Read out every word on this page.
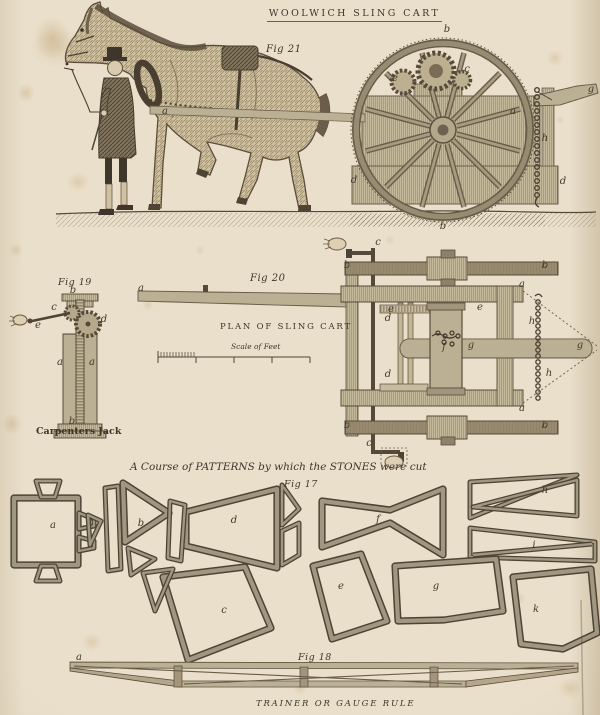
WOOLWICH SLING CART
Fig 21
Fig 19	Fig 20
Fig 17
Fig 18
PLAN OF SLING CART
Scale of Feet
Carpenters Jack
A Course of PATTERNS by which the STONES were cut
TRAINER OR GAUGE RULE
b
e
c
a
g
h
d	d
b
a
b
c
d
e
a	a
b
a
c
b	b
a
e
d
e
f g	g
h
h
d
a
b	b
c
a	b	d	f
h
i
c
e	g
k
a
